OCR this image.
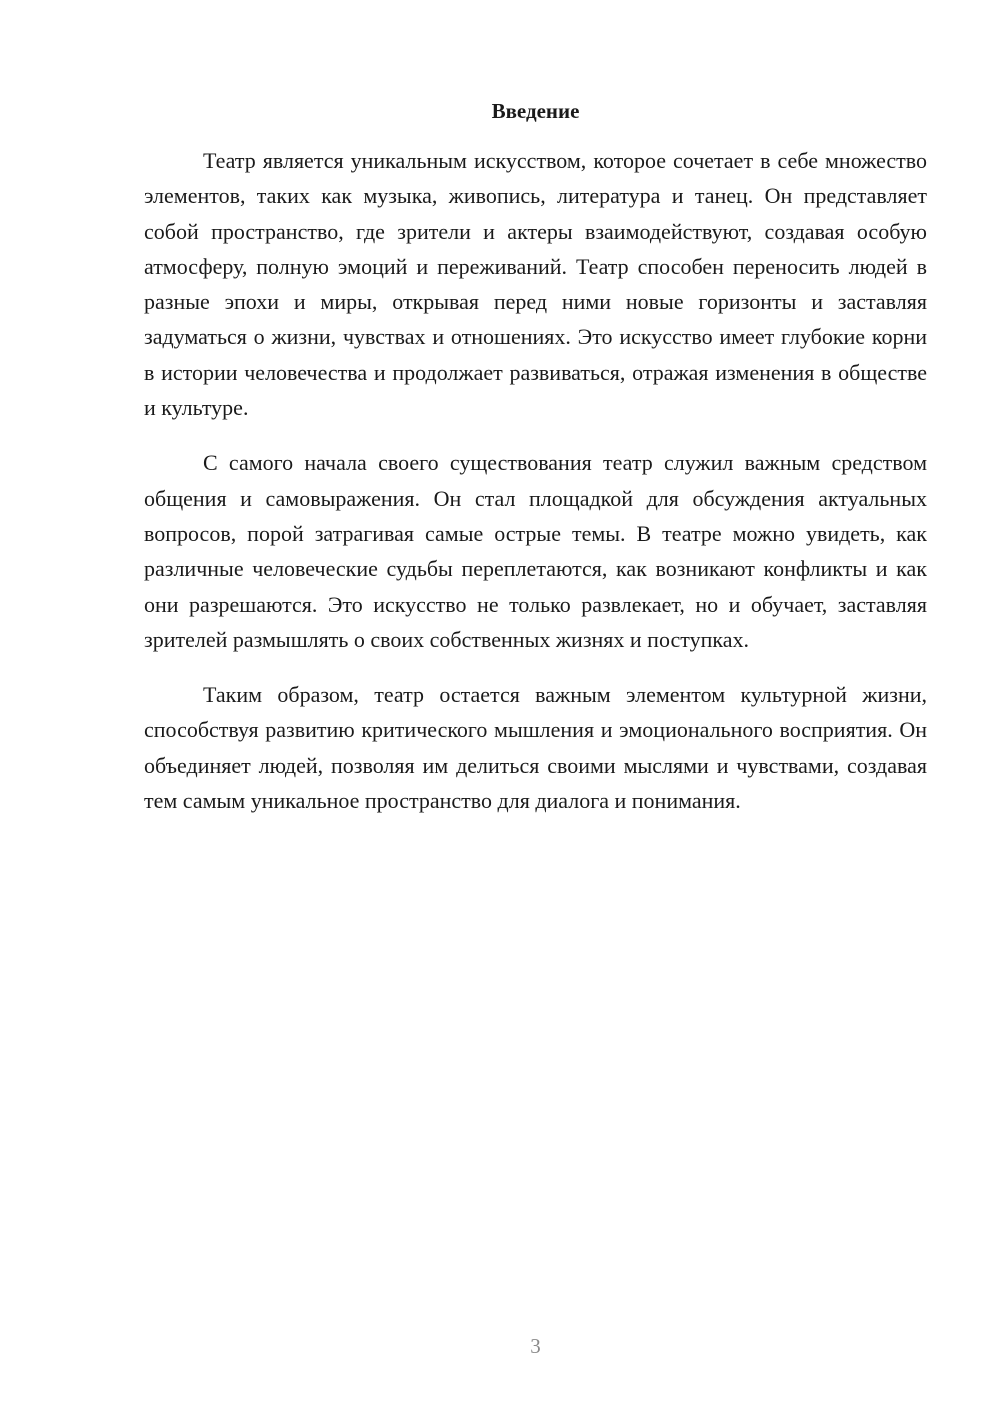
Введение

Театр является уникальным искусством, которое сочетает в себе множество элементов, таких как музыка, живопись, литература и танец. Он представляет собой пространство, где зрители и актеры взаимодействуют, создавая особую атмосферу, полную эмоций и переживаний. Театр способен переносить людей в разные эпохи и миры, открывая перед ними новые горизонты и заставляя задуматься о жизни, чувствах и отношениях. Это искусство имеет глубокие корни в истории человечества и продолжает развиваться, отражая изменения в обществе и культуре.

С самого начала своего существования театр служил важным средством общения и самовыражения. Он стал площадкой для обсуждения актуальных вопросов, порой затрагивая самые острые темы. В театре можно увидеть, как различные человеческие судьбы переплетаются, как возникают конфликты и как они разрешаются. Это искусство не только развлекает, но и обучает, заставляя зрителей размышлять о своих собственных жизнях и поступках.

Таким образом, театр остается важным элементом культурной жизни, способствуя развитию критического мышления и эмоционального восприятия. Он объединяет людей, позволяя им делиться своими мыслями и чувствами, создавая тем самым уникальное пространство для диалога и понимания.

3
